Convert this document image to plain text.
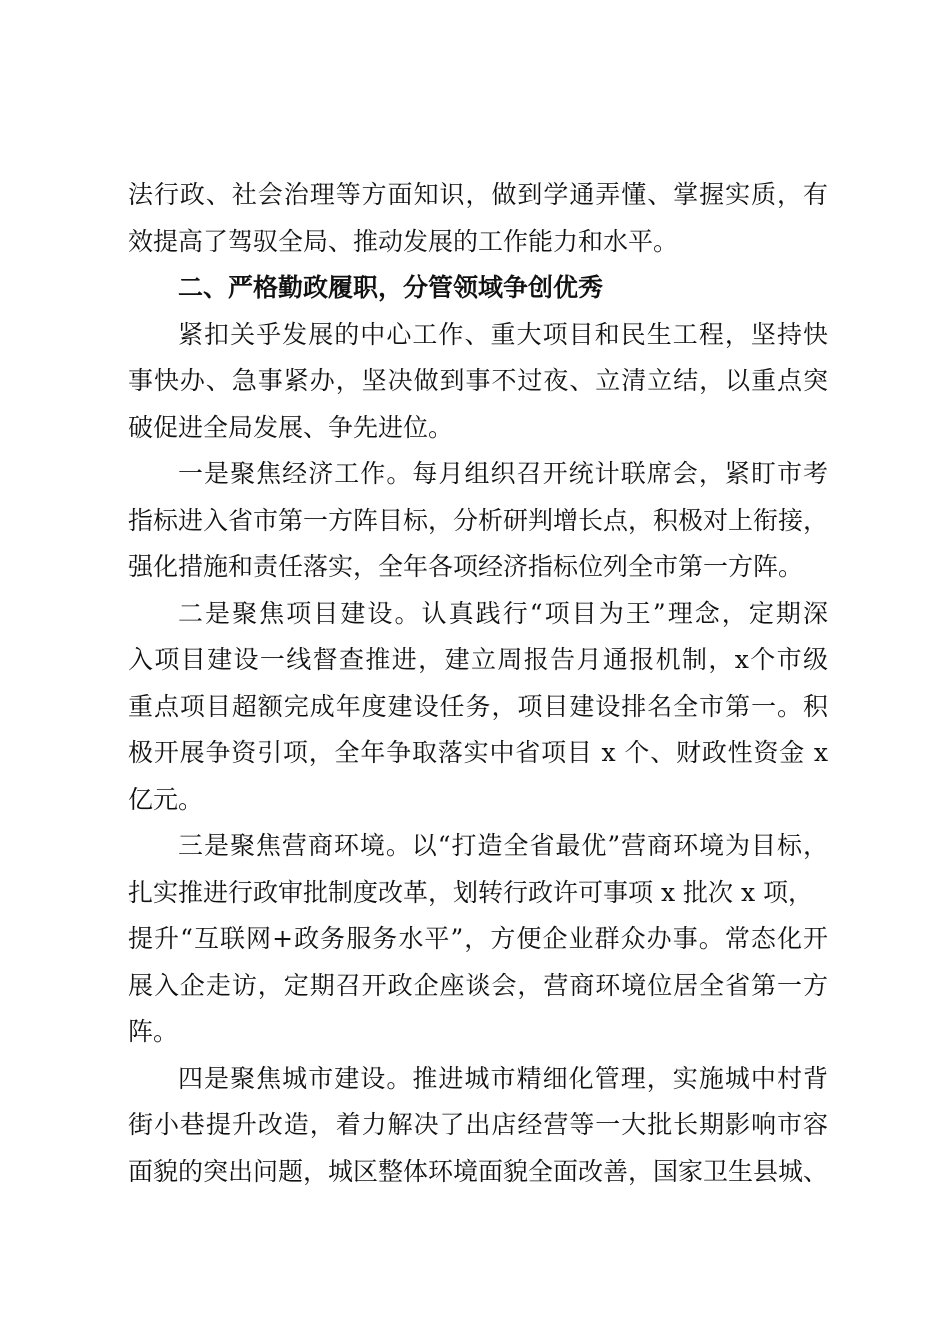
法行政、社会治理等方面知识，做到学通弄懂、掌握实质，有
效提高了驾驭全局、推动发展的工作能力和水平。
二、严格勤政履职，分管领域争创优秀
紧扣关乎发展的中心工作、重大项目和民生工程，坚持快
事快办、急事紧办，坚决做到事不过夜、立清立结，以重点突
破促进全局发展、争先进位。
一是聚焦经济工作。每月组织召开统计联席会，紧盯市考
指标进入省市第一方阵目标，分析研判增长点，积极对上衔接，
强化措施和责任落实，全年各项经济指标位列全市第一方阵。
二是聚焦项目建设。认真践行“项目为王”理念，定期深
入项目建设一线督查推进，建立周报告月通报机制，x个市级
重点项目超额完成年度建设任务，项目建设排名全市第一。积
极开展争资引项，全年争取落实中省项目 x 个、财政性资金 x
亿元。
三是聚焦营商环境。以“打造全省最优”营商环境为目标，
扎实推进行政审批制度改革，划转行政许可事项 x 批次 x 项，
提升“互联网+政务服务水平”，方便企业群众办事。常态化开
展入企走访，定期召开政企座谈会，营商环境位居全省第一方
阵。
四是聚焦城市建设。推进城市精细化管理，实施城中村背
街小巷提升改造，着力解决了出店经营等一大批长期影响市容
面貌的突出问题，城区整体环境面貌全面改善，国家卫生县城、
